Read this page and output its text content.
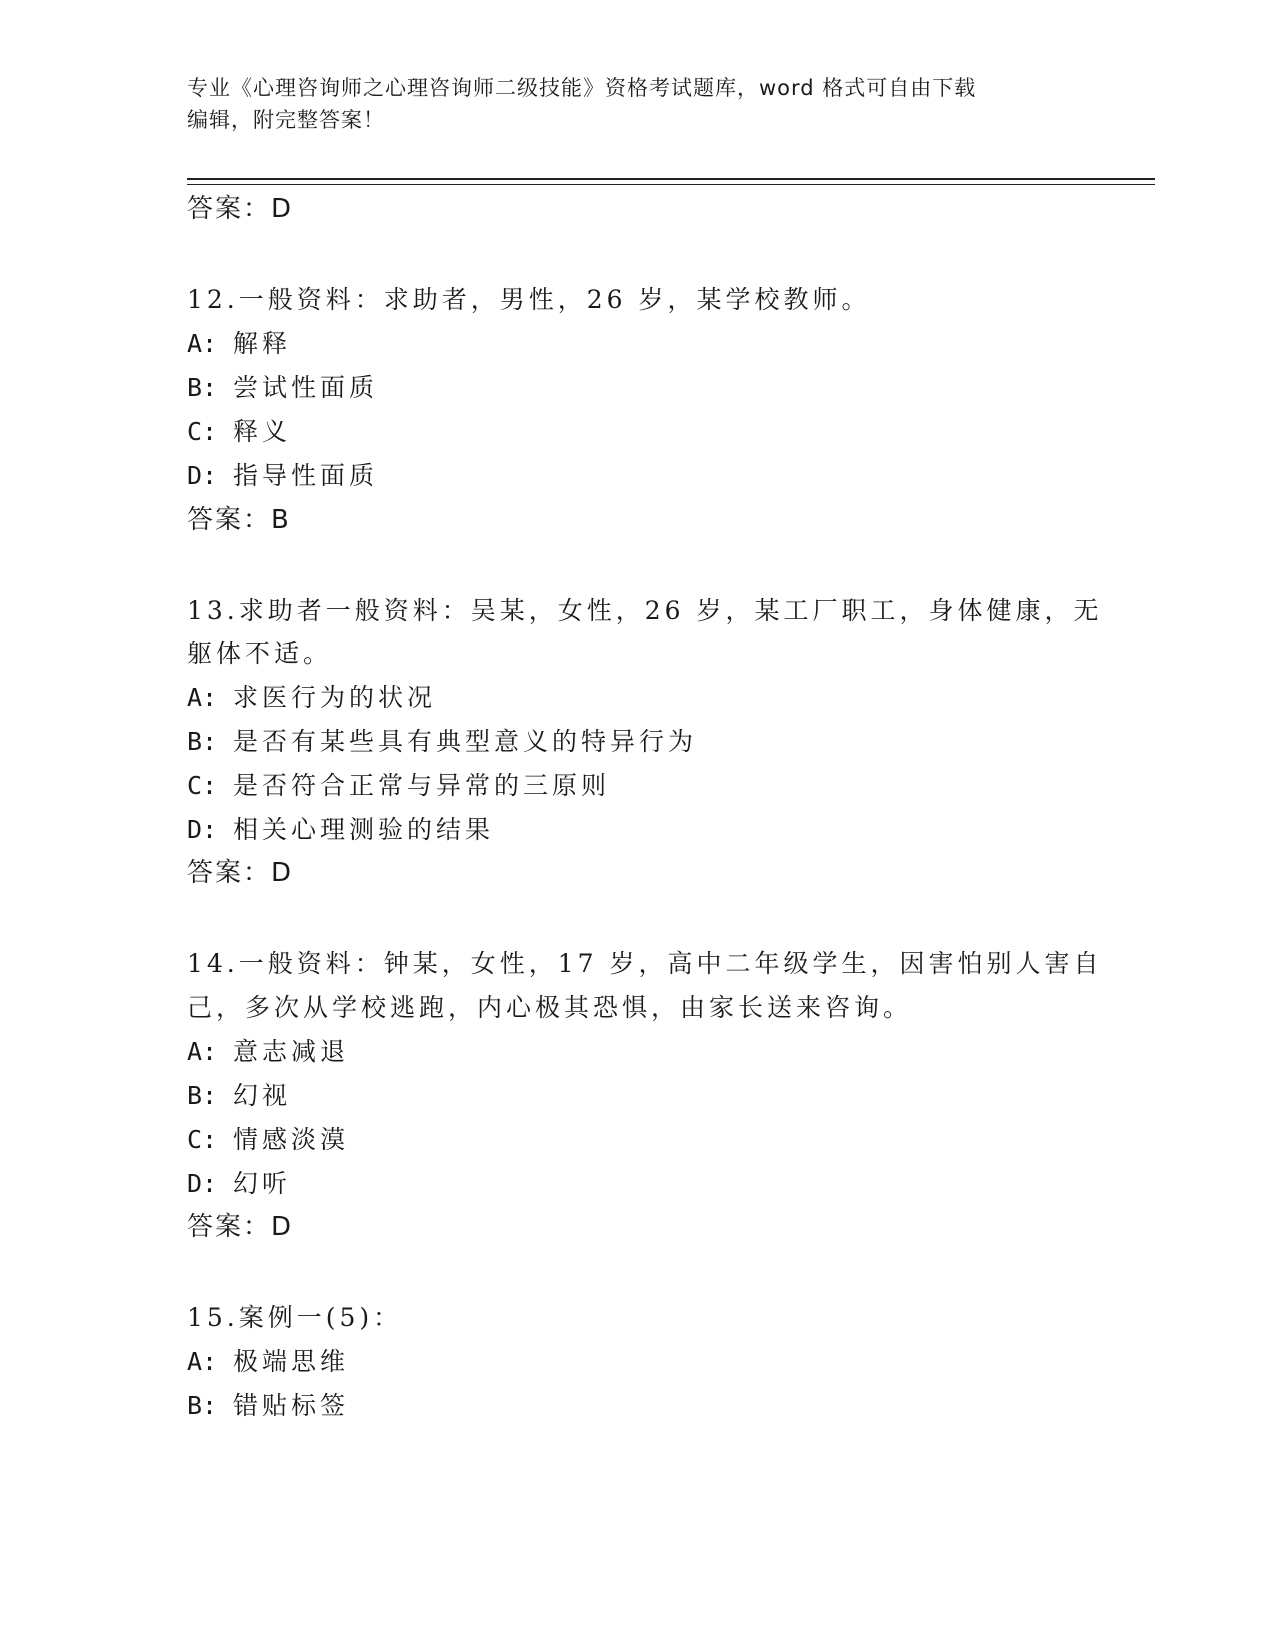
专业《心理咨询师之心理咨询师二级技能》资格考试题库，word 格式可自由下载
编辑，附完整答案！
答案：D
12.一般资料：求助者，男性，26 岁，某学校教师。
A: 解释
B: 尝试性面质
C: 释义
D: 指导性面质
答案：B
13.求助者一般资料：吴某，女性，26 岁，某工厂职工，身体健康，无
躯体不适。
A: 求医行为的状况
B: 是否有某些具有典型意义的特异行为
C: 是否符合正常与异常的三原则
D: 相关心理测验的结果
答案：D
14.一般资料：钟某，女性，17 岁，高中二年级学生，因害怕别人害自
己，多次从学校逃跑，内心极其恐惧，由家长送来咨询。
A: 意志减退
B: 幻视
C: 情感淡漠
D: 幻听
答案：D
15.案例一(5)：
A: 极端思维
B: 错贴标签
